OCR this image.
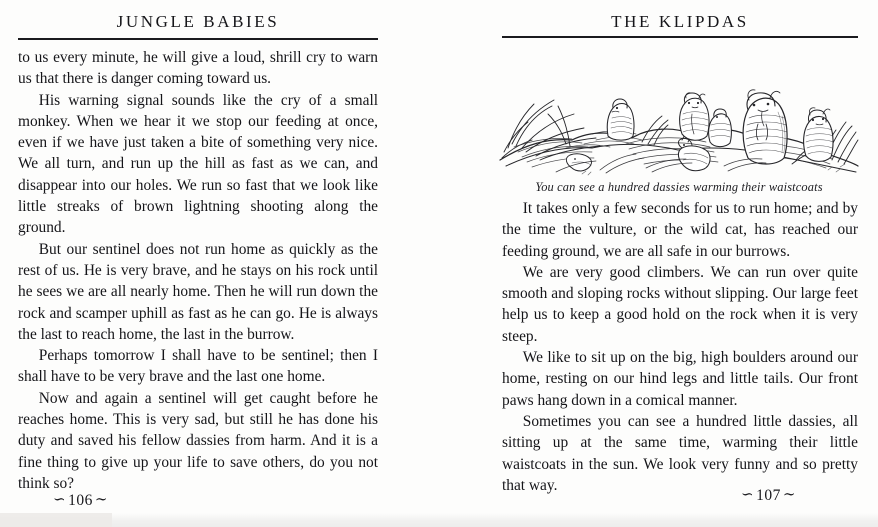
JUNGLE BABIES

to us every minute, he will give a loud, shrill cry to warn us that there is danger coming toward us.

His warning signal sounds like the cry of a small monkey. When we hear it we stop our feeding at once, even if we have just taken a bite of something very nice. We all turn, and run up the hill as fast as we can, and disappear into our holes. We run so fast that we look like little streaks of brown lightning shooting along the ground.

But our sentinel does not run home as quickly as the rest of us. He is very brave, and he stays on his rock until he sees we are all nearly home. Then he will run down the rock and scamper uphill as fast as he can go. He is always the last to reach home, the last in the burrow.

Perhaps tomorrow I shall have to be sentinel; then I shall have to be very brave and the last one home.

Now and again a sentinel will get caught before he reaches home. This is very sad, but still he has done his duty and saved his fellow dassies from harm. And it is a fine thing to give up your life to save others, do you not think so?

∽ 106 ∼
THE KLIPDAS
You can see a hundred dassies warming their waistcoats

It takes only a few seconds for us to run home; and by the time the vulture, or the wild cat, has reached our feeding ground, we are all safe in our burrows.

We are very good climbers. We can run over quite smooth and sloping rocks without slipping. Our large feet help us to keep a good hold on the rock when it is very steep.

We like to sit up on the big, high boulders around our home, resting on our hind legs and little tails. Our front paws hang down in a comical manner.

Sometimes you can see a hundred little dassies, all sitting up at the same time, warming their little waistcoats in the sun. We look very funny and so pretty that way.

∽ 107 ∼
